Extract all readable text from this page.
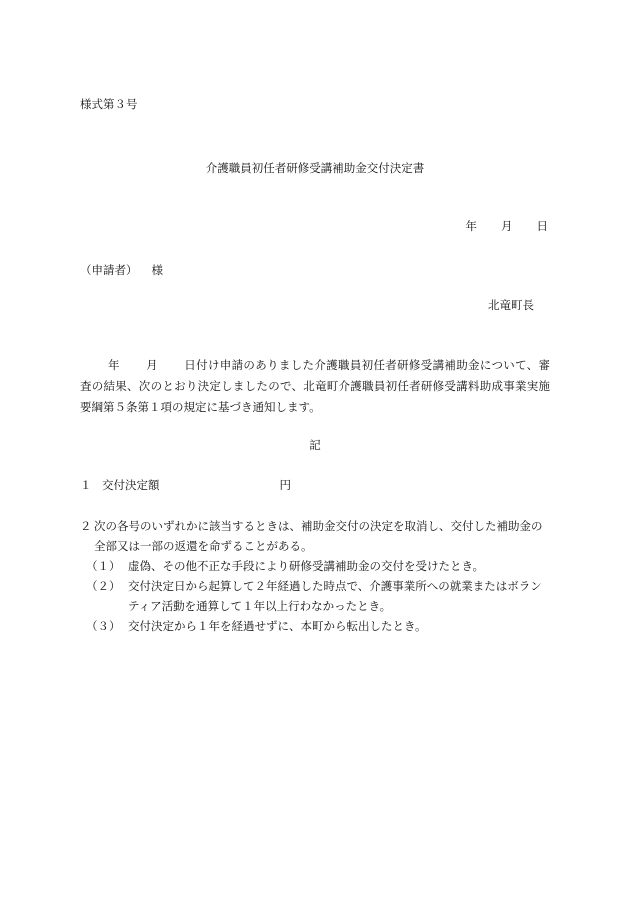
様式第３号
介護職員初任者研修受講補助金交付決定書
年 月 日
（申請者） 様
北竜町長
年 月 日付け申請のありました介護職員初任者研修受講補助金について、審査の結果、次のとおり決定しましたので、北竜町介護職員初任者研修受講料助成事業実施要綱第５条第１項の規定に基づき通知します。
記
１ 交付決定額	円
２ 次の各号のいずれかに該当するときは、補助金交付の決定を取消し、交付した補助金の全部又は一部の返還を命ずることがある。
（１） 虚偽、その他不正な手段により研修受講補助金の交付を受けたとき。
（２） 交付決定日から起算して２年経過した時点で、介護事業所への就業またはボランティア活動を通算して１年以上行わなかったとき。
（３） 交付決定から１年を経過せずに、本町から転出したとき。
